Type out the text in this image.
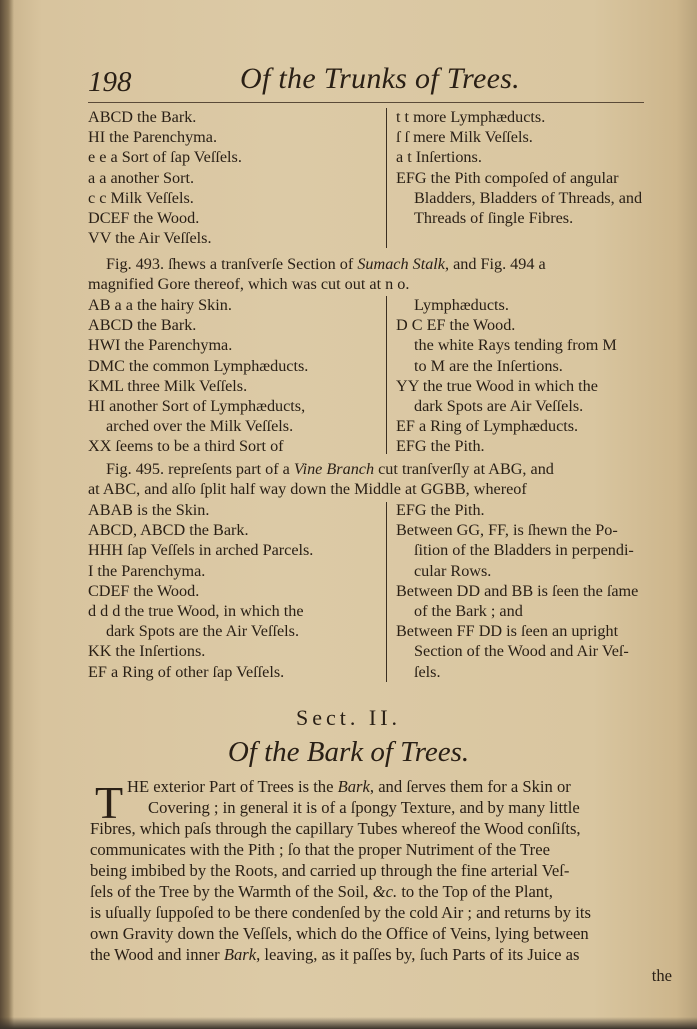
198	Of the Trunks of Trees.
ABCD the Bark.
HI the Parenchyma.
e e a Sort of ſap Veſſels.
a a another Sort.
c c Milk Veſſels.
DCEF the Wood.
VV the Air Veſſels.
t t more Lymphæducts.
ſ ſ mere Milk Veſſels.
a t Inſertions.
EFG the Pith compoſed of angular
Bladders, Bladders of Threads, and
Threads of ſingle Fibres.
Fig. 493. ſhews a tranſverſe Section of Sumach Stalk, and Fig. 494 a
magnified Gore thereof, which was cut out at n o.
AB a a the hairy Skin.
ABCD the Bark.
HWI the Parenchyma.
DMC the common Lymphæducts.
KML three Milk Veſſels.
HI another Sort of Lymphæducts,
arched over the Milk Veſſels.
XX ſeems to be a third Sort of
Lymphæducts.
D C EF the Wood.
the white Rays tending from M
to M are the Inſertions.
YY the true Wood in which the
dark Spots are Air Veſſels.
EF a Ring of Lymphæducts.
EFG the Pith.
Fig. 495. repreſents part of a Vine Branch cut tranſverſly at ABG, and
at ABC, and alſo ſplit half way down the Middle at GGBB, whereof
ABAB is the Skin.
ABCD, ABCD the Bark.
HHH ſap Veſſels in arched Parcels.
I the Parenchyma.
CDEF the Wood.
d d d the true Wood, in which the
dark Spots are the Air Veſſels.
KK the Inſertions.
EF a Ring of other ſap Veſſels.
EFG the Pith.
Between GG, FF, is ſhewn the Po-
ſition of the Bladders in perpendi-
cular Rows.
Between DD and BB is ſeen the ſame
of the Bark ; and
Between FF DD is ſeen an upright
Section of the Wood and Air Veſ-
ſels.
Sect. II.
Of the Bark of Trees.
T HE exterior Part of Trees is the Bark, and ſerves them for a Skin or
Covering ; in general it is of a ſpongy Texture, and by many little
Fibres, which paſs through the capillary Tubes whereof the Wood conſiſts,
communicates with the Pith ; ſo that the proper Nutriment of the Tree
being imbibed by the Roots, and carried up through the fine arterial Veſ-
ſels of the Tree by the Warmth of the Soil, &c. to the Top of the Plant,
is uſually ſuppoſed to be there condenſed by the cold Air ; and returns by its
own Gravity down the Veſſels, which do the Office of Veins, lying between
the Wood and inner Bark, leaving, as it paſſes by, ſuch Parts of its Juice as
the
